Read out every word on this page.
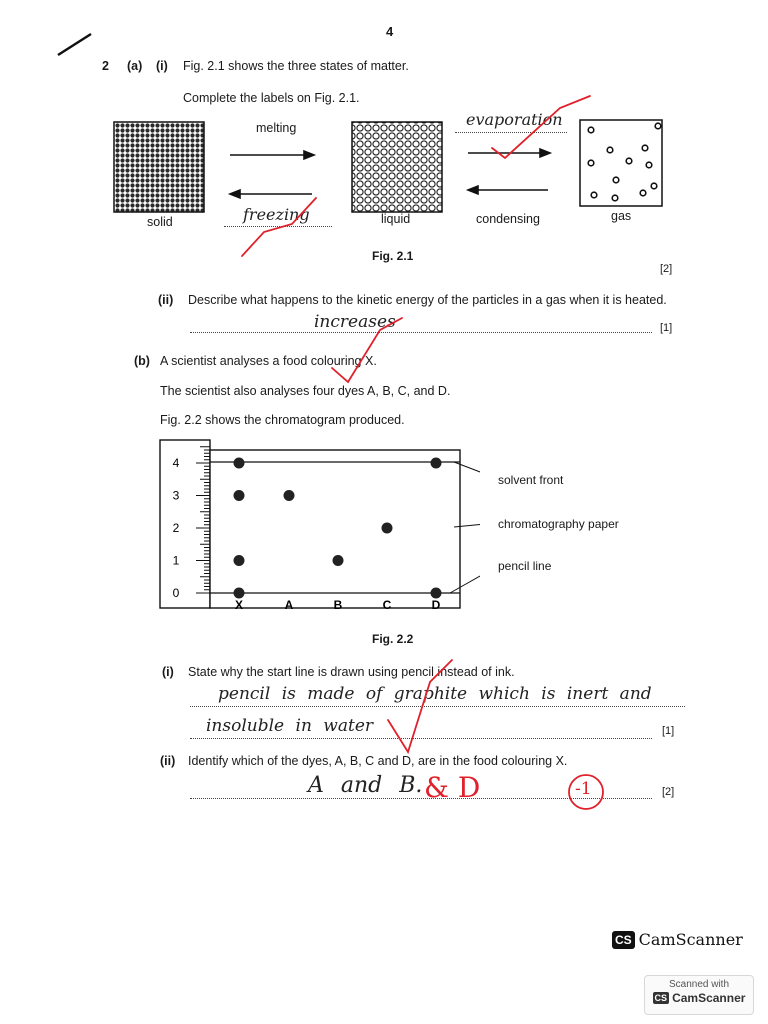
4
2 (a) (i) Fig. 2.1 shows the three states of matter.
Complete the labels on Fig. 2.1.
melting
condensing
solid	liquid	gas
evaporation
freezing
Fig. 2.1
[2]
(ii) Describe what happens to the kinetic energy of the particles in a gas when it is heated.
increases	[1]
(b) A scientist analyses a food colouring X.
The scientist also analyses four dyes A, B, C, and D.
Fig. 2.2 shows the chromatogram produced.
0
1
2
3
4
X	A	B	C	D
solvent front
chromatography paper
pencil line
Fig. 2.2
(i) State why the start line is drawn using pencil instead of ink.
pencil is made of graphite which is inert and
insoluble in water	[1]
(ii) Identify which of the dyes, A, B, C and D, are in the food colouring X.
A and B.	[2]
& D	-1
CS CamScanner
Scanned with
CS CamScanner
